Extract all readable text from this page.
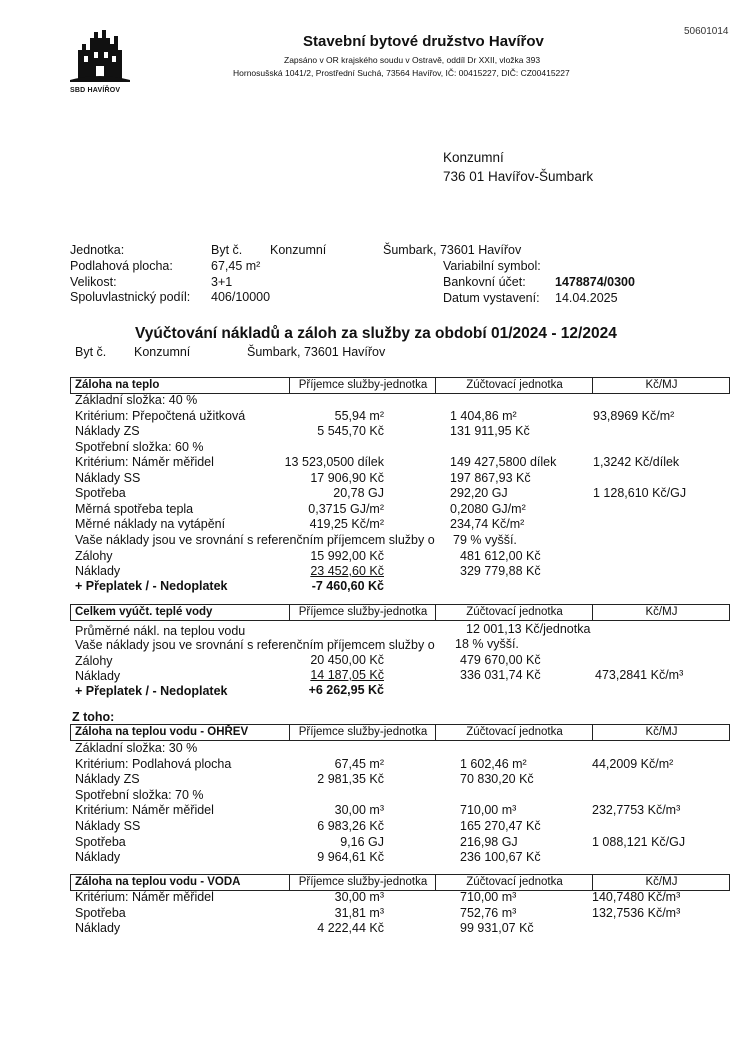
50601014
SBD HAVÍŘOV
Stavební bytové družstvo Havířov
Zapsáno v OR krajského soudu v Ostravě, oddíl Dr XXII, vložka 393
Hornosušská 1041/2, Prostřední Suchá, 73564 Havířov, IČ: 00415227, DIČ: CZ00415227
Konzumní
736 01 Havířov-Šumbark
Jednotka:	Byt č. Konzumní	Šumbark, 73601 Havířov
Podlahová plocha:	67,45 m²	Variabilní symbol:
Velikost:	3+1	Bankovní účet: 1478874/0300
Spoluvlastnický podíl: 406/10000	Datum vystavení: 14.04.2025
Vyúčtování nákladů a záloh za služby za období 01/2024 - 12/2024
Byt č. Konzumní	Šumbark, 73601 Havířov
Záloha na teplo	Příjemce služby-jednotka	Zúčtovací jednotka	Kč/MJ
Základní složka: 40 %
Kritérium: Přepočtená užitková	55,94 m²	1 404,86 m²	93,8969 Kč/m²
Náklady ZS	5 545,70 Kč	131 911,95 Kč
Spotřební složka: 60 %
Kritérium: Náměr měřidel	13 523,0500 dílek	149 427,5800 dílek	1,3242 Kč/dílek
Náklady SS	17 906,90 Kč	197 867,93 Kč
Spotřeba	20,78 GJ	292,20 GJ	1 128,610 Kč/GJ
Měrná spotřeba tepla	0,3715 GJ/m²	0,2080 GJ/m²
Měrné náklady na vytápění	419,25 Kč/m²	234,74 Kč/m²
Vaše náklady jsou ve srovnání s referenčním příjemcem služby o 79 % vyšší.
Zálohy	15 992,00 Kč	481 612,00 Kč
Náklady	23 452,60 Kč	329 779,88 Kč
+ Přeplatek / - Nedoplatek	-7 460,60 Kč
Celkem vyúčt. teplé vody	Příjemce služby-jednotka	Zúčtovací jednotka	Kč/MJ
Průměrné nákl. na teplou vodu	12 001,13 Kč/jednotka
Vaše náklady jsou ve srovnání s referenčním příjemcem služby o 18 % vyšší.
Zálohy	20 450,00 Kč	479 670,00 Kč
Náklady	14 187,05 Kč	336 031,74 Kč	473,2841 Kč/m³
+ Přeplatek / - Nedoplatek	+6 262,95 Kč
Z toho:
Záloha na teplou vodu - OHŘEV	Příjemce služby-jednotka	Zúčtovací jednotka	Kč/MJ
Základní složka: 30 %
Kritérium: Podlahová plocha	67,45 m²	1 602,46 m²	44,2009 Kč/m²
Náklady ZS	2 981,35 Kč	70 830,20 Kč
Spotřební složka: 70 %
Kritérium: Náměr měřidel	30,00 m³	710,00 m³	232,7753 Kč/m³
Náklady SS	6 983,26 Kč	165 270,47 Kč
Spotřeba	9,16 GJ	216,98 GJ	1 088,121 Kč/GJ
Náklady	9 964,61 Kč	236 100,67 Kč
Záloha na teplou vodu - VODA	Příjemce služby-jednotka	Zúčtovací jednotka	Kč/MJ
Kritérium: Náměr měřidel	30,00 m³	710,00 m³	140,7480 Kč/m³
Spotřeba	31,81 m³	752,76 m³	132,7536 Kč/m³
Náklady	4 222,44 Kč	99 931,07 Kč
